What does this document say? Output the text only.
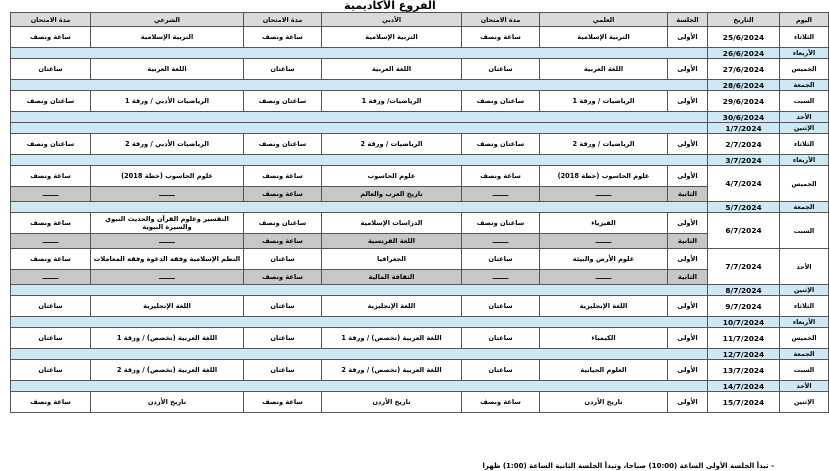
الفروع الأكاديمية
اليوم	التاريخ	الجلسة	العلمي	مدة الامتحان	الأدبي	مدة الامتحان	الشرعي	مدة الامتحان
الثلاثاء	25/6/2024	الأولى	التربية الإسلامية	ساعة ونصف	التربية الإسلامية	ساعة ونصف	التربية الإسلامية	ساعة ونصف
الأربعاء	26/6/2024							
الخميس	27/6/2024	الأولى	اللغة العربية	ساعتان	اللغة العربية	ساعتان	اللغة العربية	ساعتان
الجمعة	28/6/2024							
السبت	29/6/2024	الأولى	الرياضيات / ورقة 1	ساعتان ونصف	الرياضيات/ ورقة 1	ساعتان ونصف	الرياضيات الأدبي / ورقة 1	ساعتان ونصف
الأحد	30/6/2024							
الإثنين	1/7/2024							
الثلاثاء	2/7/2024	الأولى	الرياضيات / ورقة 2	ساعتان ونصف	الرياضيات / ورقة 2	ساعتان ونصف	الرياضيات الأدبي / ورقة 2	ساعتان ونصف
الأربعاء	3/7/2024							
الخميس	4/7/2024	الأولى	علوم الحاسوب (خطة 2018)	ساعة ونصف	علوم الحاسوب	ساعة ونصف	علوم الحاسوب (خطة 2018)	ساعة ونصف
		الثانية	ـــــــ	ـــــــ	تاريخ العرب والعالم	ساعة ونصف	ـــــــ	ـــــــ
الجمعة	5/7/2024							
السبت	6/7/2024	الأولى	الفيزياء	ساعتان ونصف	الدراسات الإسلامية	ساعتان ونصف	التفسير وعلوم القرآن والحديث النبوي والسيرة النبوية	ساعة ونصف
		الثانية	ـــــــ	ـــــــ	اللغة الفرنسية	ساعة ونصف	ـــــــ	ـــــــ
الأحد	7/7/2024	الأولى	علوم الأرض والبيئة	ساعتان	الجغرافيا	ساعتان	النظم الإسلامية وفقه الدعوة وفقه المعاملات	ساعة ونصف
		الثانية	ـــــــ	ـــــــ	الثقافة المالية	ساعة ونصف	ـــــــ	ـــــــ
الإثنين	8/7/2024							
الثلاثاء	9/7/2024	الأولى	اللغة الإنجليزية	ساعتان	اللغة الإنجليزية	ساعتان	اللغة الإنجليزية	ساعتان
الأربعاء	10/7/2024							
الخميس	11/7/2024	الأولى	الكيمياء	ساعتان	اللغة العربية (تخصص) / ورقة 1	ساعتان	اللغة العربية (تخصص) / ورقة 1	ساعتان
الجمعة	12/7/2024							
السبت	13/7/2024	الأولى	العلوم الحياتية	ساعتان	اللغة العربية (تخصص) / ورقة 2	ساعتان	اللغة العربية (تخصص) / ورقة 2	ساعتان
الأحد	14/7/2024							
الإثنين	15/7/2024	الأولى	تاريخ الأردن	ساعة ونصف	تاريخ الأردن	ساعة ونصف	تاريخ الأردن	ساعة ونصف
- تبدأ الجلسة الأولى الساعة (10:00) صباحا، وتبدأ الجلسة الثانية الساعة (1:00) ظهرا
